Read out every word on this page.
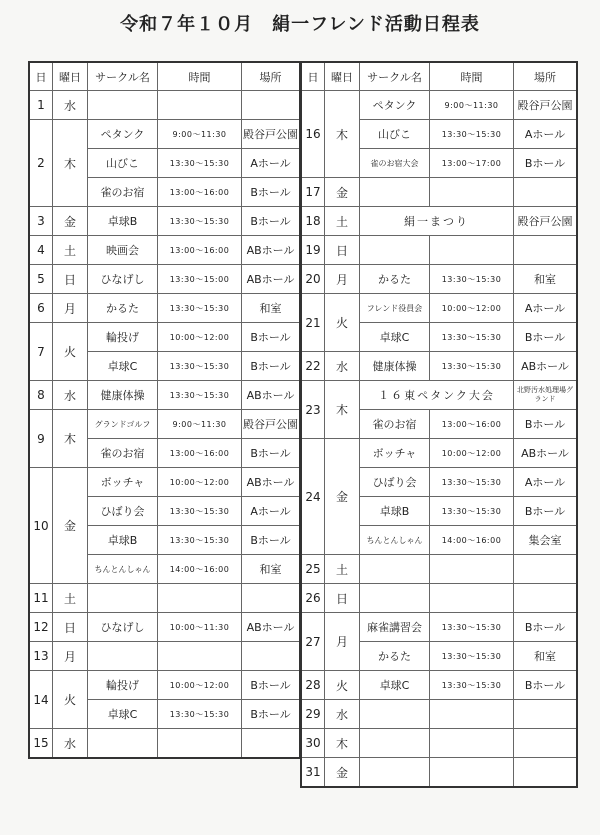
令和７年１０月　絹一フレンド活動日程表
日	曜日	サークル名	時間	場所
1	水			
2	木	ペタンク	9:00～11:30	殿谷戸公園
		山びこ	13:30～15:30	Aホール
		雀のお宿	13:00～16:00	Bホール
3	金	卓球B	13:30～15:30	Bホール
4	土	映画会	13:00～16:00	ABホール
5	日	ひなげし	13:30～15:00	ABホール
6	月	かるた	13:30～15:30	和室
7	火	輪投げ	10:00～12:00	Bホール
		卓球C	13:30～15:30	Bホール
8	水	健康体操	13:30～15:30	ABホール
9	木	グランドゴルフ	9:00～11:30	殿谷戸公園
		雀のお宿	13:00～16:00	Bホール
10	金	ボッチャ	10:00～12:00	ABホール
		ひばり会	13:30～15:30	Aホール
		卓球B	13:30～15:30	Bホール
		ちんとんしゃん	14:00～16:00	和室
11	土			
12	日	ひなげし	10:00～11:30	ABホール
13	月			
14	火	輪投げ	10:00～12:00	Bホール
		卓球C	13:30～15:30	Bホール
15	水			
日	曜日	サークル名	時間	場所
16	木	ペタンク	9:00～11:30	殿谷戸公園
		山びこ	13:30～15:30	Aホール
		雀のお宿大会	13:00～17:00	Bホール
17	金			
18	土	絹一まつり		殿谷戸公園
19	日			
20	月	かるた	13:30～15:30	和室
21	火	フレンド役員会	10:00～12:00	Aホール
		卓球C	13:30～15:30	Bホール
22	水	健康体操	13:30～15:30	ABホール
23	木	１６東ペタンク大会		北野汚水処理場グランド
		雀のお宿	13:00～16:00	Bホール
24	金	ボッチャ	10:00～12:00	ABホール
		ひばり会	13:30～15:30	Aホール
		卓球B	13:30～15:30	Bホール
		ちんとんしゃん	14:00～16:00	集会室
25	土			
26	日			
27	月	麻雀講習会	13:30～15:30	Bホール
		かるた	13:30～15:30	和室
28	火	卓球C	13:30～15:30	Bホール
29	水			
30	木			
31	金			
